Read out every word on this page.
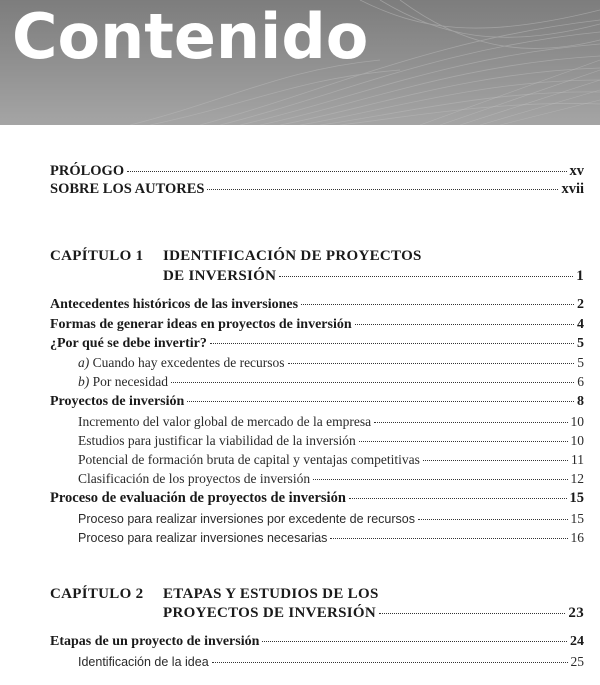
Contenido
PRÓLOGO	xv
SOBRE LOS AUTORES	xvii
CAPÍTULO 1 IDENTIFICACIÓN DE PROYECTOS
DE INVERSIÓN	1
Antecedentes históricos de las inversiones	2
Formas de generar ideas en proyectos de inversión	4
¿Por qué se debe invertir?	5
a) Cuando hay excedentes de recursos	5
b) Por necesidad	6
Proyectos de inversión	8
Incremento del valor global de mercado de la empresa	10
Estudios para justificar la viabilidad de la inversión	10
Potencial de formación bruta de capital y ventajas competitivas	11
Clasificación de los proyectos de inversión	12
Proceso de evaluación de proyectos de inversión	15
Proceso para realizar inversiones por excedente de recursos	15
Proceso para realizar inversiones necesarias	16
CAPÍTULO 2 ETAPAS Y ESTUDIOS DE LOS
PROYECTOS DE INVERSIÓN	23
Etapas de un proyecto de inversión	24
Identificación de la idea	25
